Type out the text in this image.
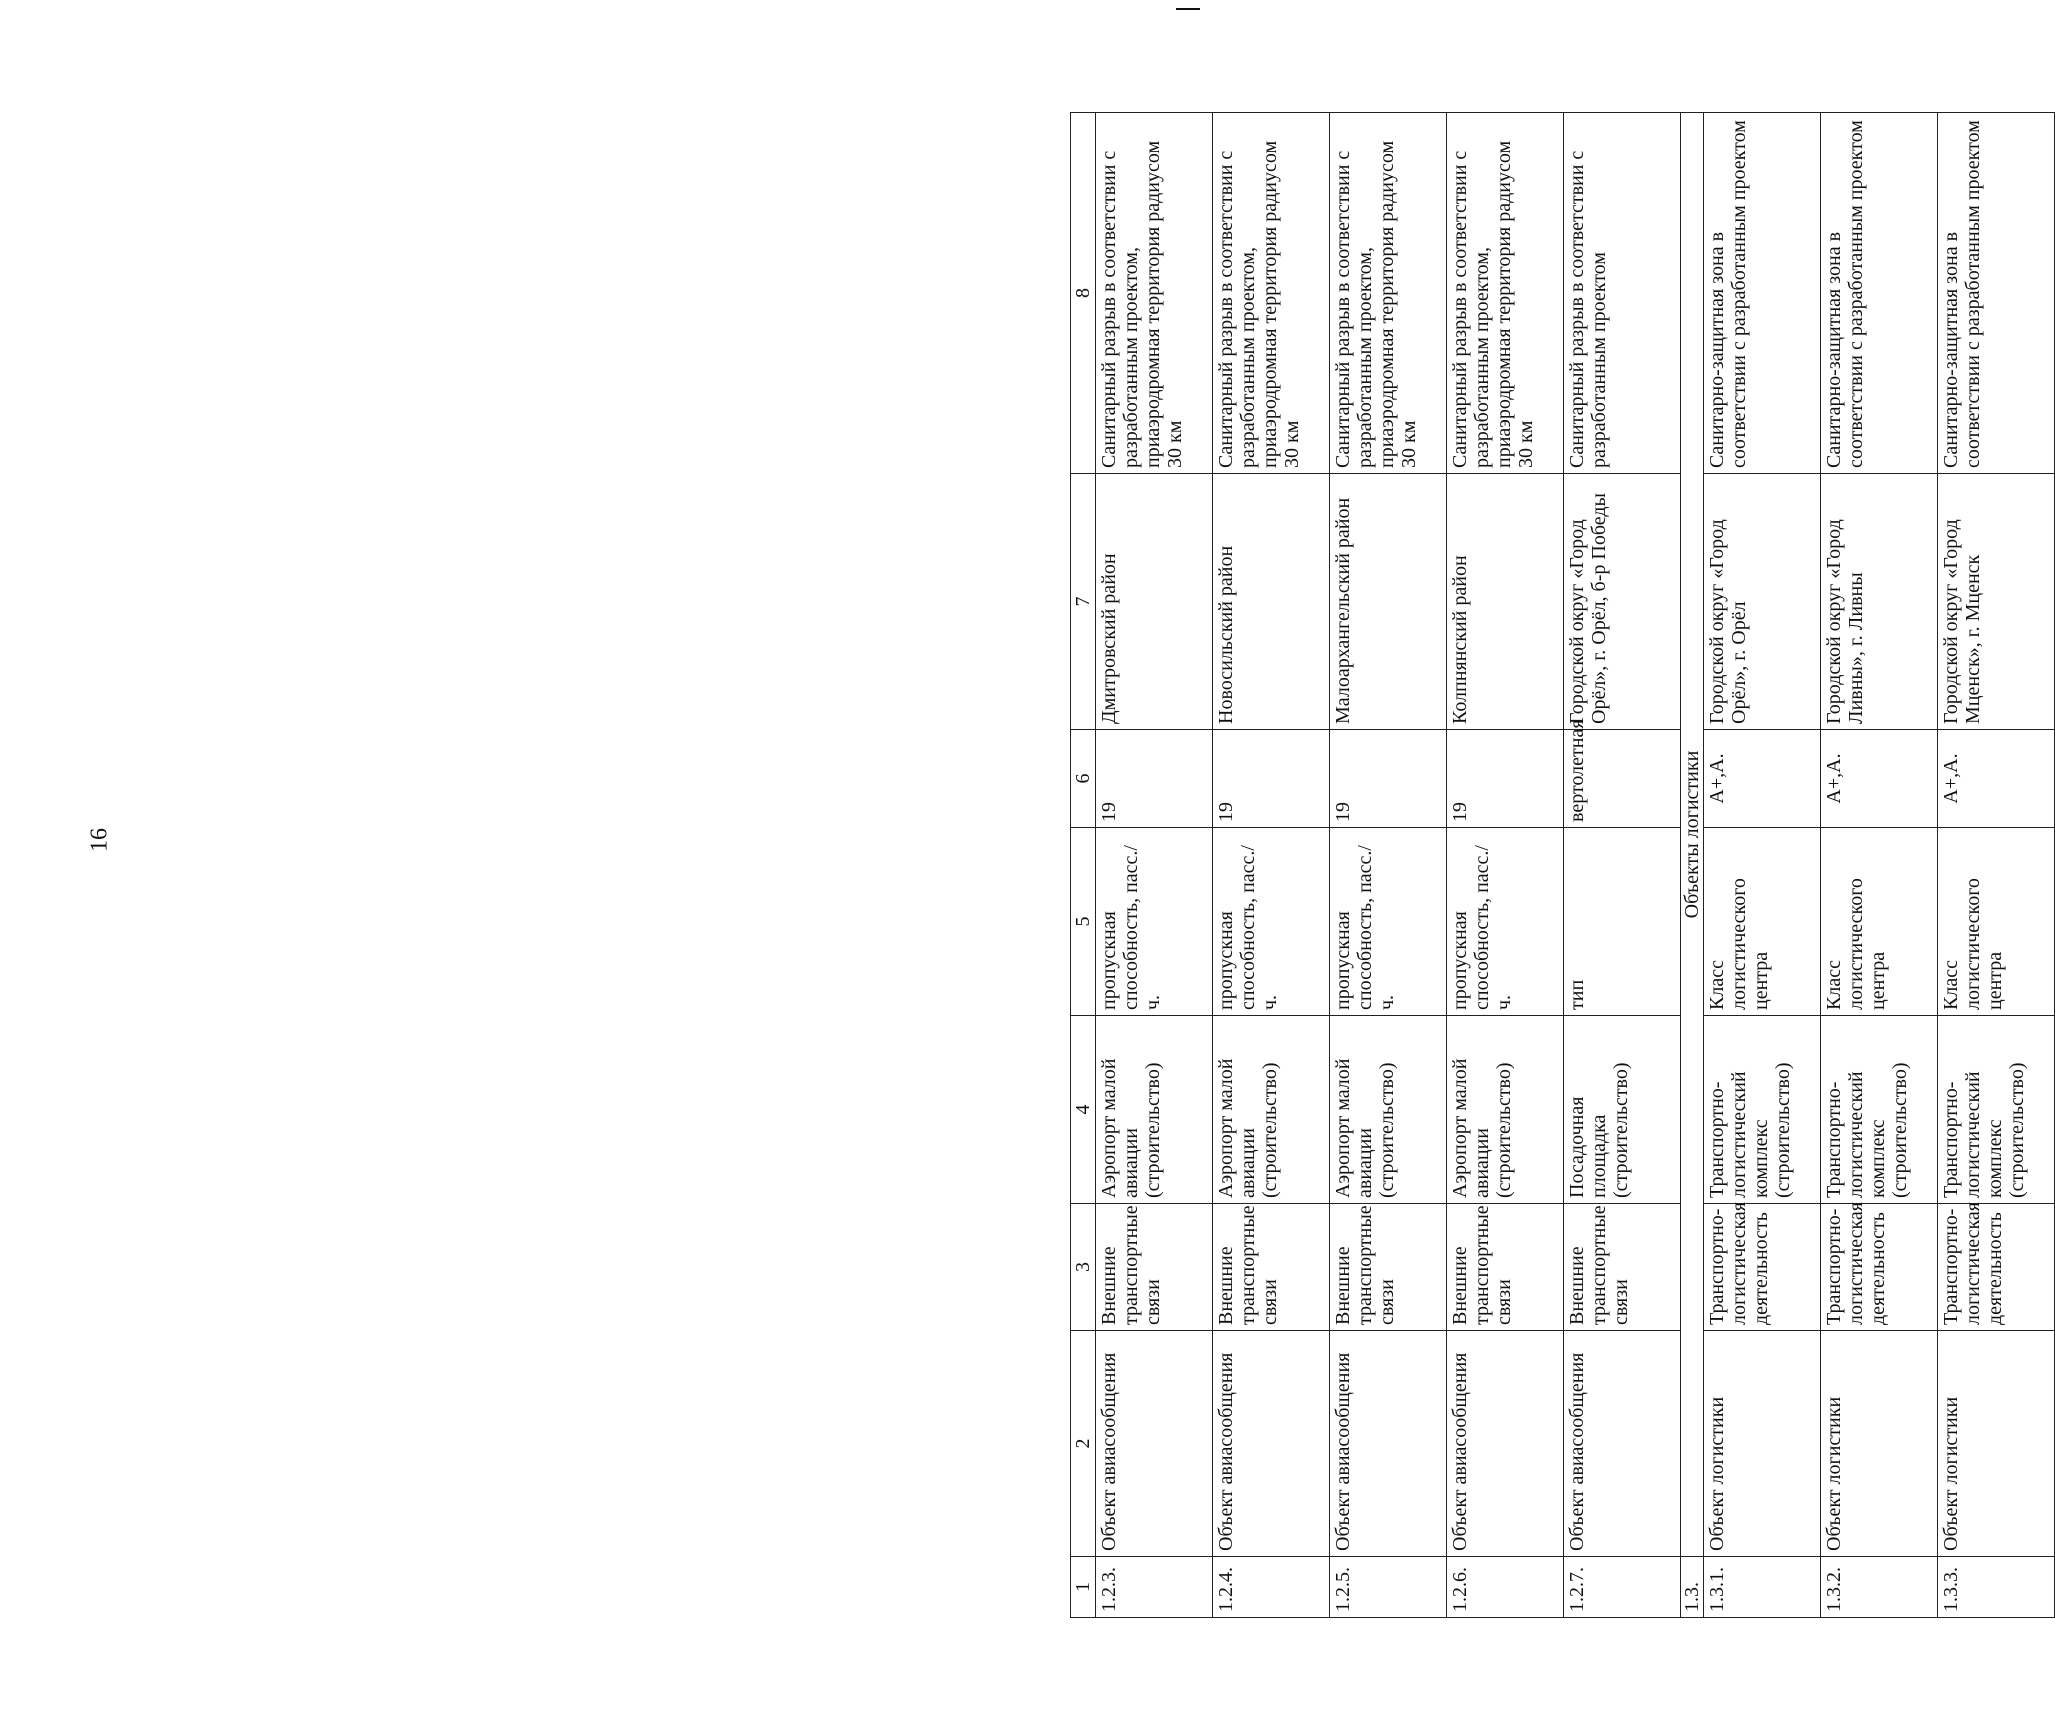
16
1	2	3	4	5	6	7	8
1.2.3.	Объект авиасообщения	Внешние транспортные связи	Аэропорт малой авиации (строительство)	пропускная способность, пасс./ч.	19	Дмитровский район	Санитарный разрыв в соответствии с разработанным проектом, приаэродромная территория радиусом 30 км
1.2.4.	Объект авиасообщения	Внешние транспортные связи	Аэропорт малой авиации (строительство)	пропускная способность, пасс./ч.	19	Новосильский район	Санитарный разрыв в соответствии с разработанным проектом, приаэродромная территория радиусом 30 км
1.2.5.	Объект авиасообщения	Внешние транспортные связи	Аэропорт малой авиации (строительство)	пропускная способность, пасс./ч.	19	Малоархангельский район	Санитарный разрыв в соответствии с разработанным проектом, приаэродромная территория радиусом 30 км
1.2.6.	Объект авиасообщения	Внешние транспортные связи	Аэропорт малой авиации (строительство)	пропускная способность, пасс./ч.	19	Колпнянский район	Санитарный разрыв в соответствии с разработанным проектом, приаэродромная территория радиусом 30 км
1.2.7.	Объект авиасообщения	Внешние транспортные связи	Посадочная площадка (строительство)	тип	вертолетная	Городской округ «Город Орёл», г. Орёл, б-р Победы	Санитарный разрыв в соответствии с разработанным проектом
1.3.	Объекты логистики						
1.3.1.	Объект логистики	Транспортно-логистическая деятельность	Транспортно-логистический комплекс (строительство)	Класс логистического центра	А+,А.	Городской округ «Город Орёл», г. Орёл	Санитарно-защитная зона в соответствии с разработанным проектом
1.3.2.	Объект логистики	Транспортно-логистическая деятельность	Транспортно-логистический комплекс (строительство)	Класс логистического центра	А+,А.	Городской округ «Город Ливны», г. Ливны	Санитарно-защитная зона в соответствии с разработанным проектом
1.3.3.	Объект логистики	Транспортно-логистическая деятельность	Транспортно-логистический комплекс (строительство)	Класс логистического центра	А+,А.	Городской округ «Город Мценск», г. Мценск	Санитарно-защитная зона в соответствии с разработанным проектом
